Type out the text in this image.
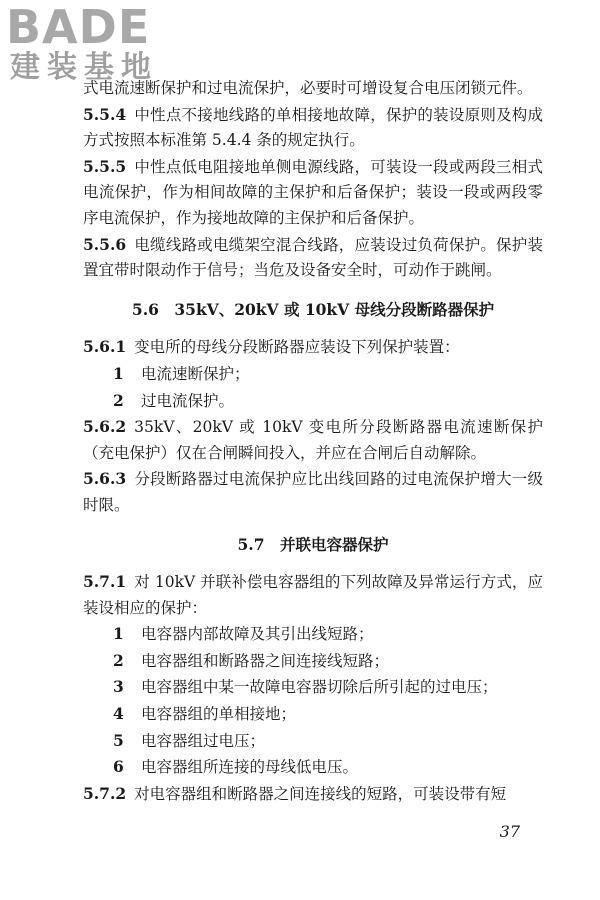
BADE
建装基地

式电流速断保护和过电流保护，必要时可增设复合电压闭锁元件。

5.5.4 中性点不接地线路的单相接地故障，保护的装设原则及构成方式按照本标准第 5.4.4 条的规定执行。

5.5.5 中性点低电阻接地单侧电源线路，可装设一段或两段三相式电流保护，作为相间故障的主保护和后备保护；装设一段或两段零序电流保护，作为接地故障的主保护和后备保护。

5.5.6 电缆线路或电缆架空混合线路，应装设过负荷保护。保护装置宜带时限动作于信号；当危及设备安全时，可动作于跳闸。

5.6　35kV、20kV 或 10kV 母线分段断路器保护

5.6.1 变电所的母线分段断路器应装设下列保护装置：

1 电流速断保护；

2 过电流保护。

5.6.2 35kV、20kV 或 10kV 变电所分段断路器电流速断保护（充电保护）仅在合闸瞬间投入，并应在合闸后自动解除。

5.6.3 分段断路器过电流保护应比出线回路的过电流保护增大一级时限。

5.7　并联电容器保护

5.7.1 对 10kV 并联补偿电容器组的下列故障及异常运行方式，应装设相应的保护：

1 电容器内部故障及其引出线短路；

2 电容器组和断路器之间连接线短路；

3 电容器组中某一故障电容器切除后所引起的过电压；

4 电容器组的单相接地；

5 电容器组过电压；

6 电容器组所连接的母线低电压。

5.7.2 对电容器组和断路器之间连接线的短路，可装设带有短

37
